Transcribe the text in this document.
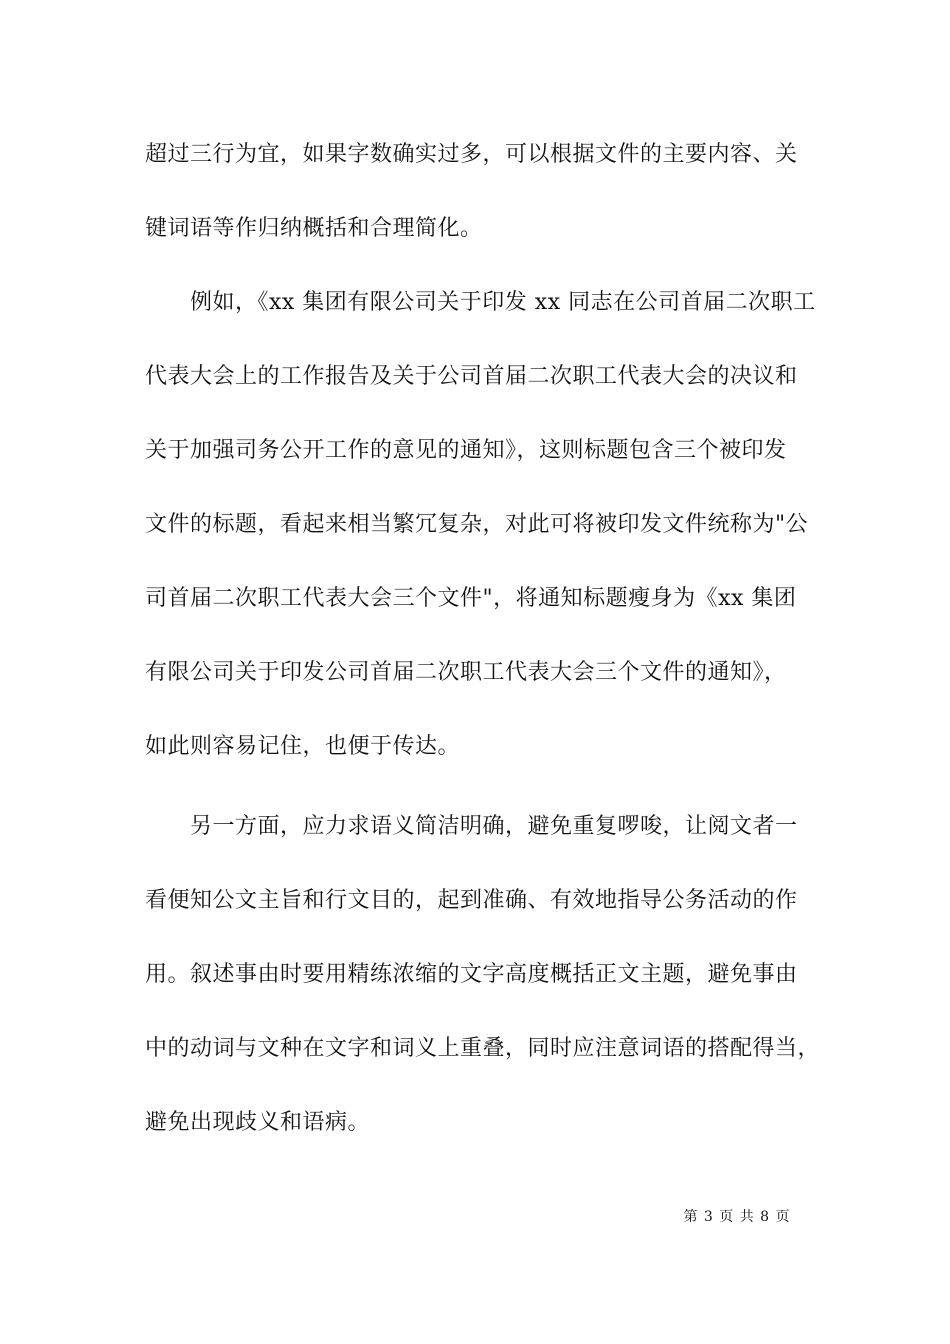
超过三行为宜，如果字数确实过多，可以根据文件的主要内容、关
键词语等作归纳概括和合理简化。
例如，《xx 集团有限公司关于印发 xx 同志在公司首届二次职工
代表大会上的工作报告及关于公司首届二次职工代表大会的决议和
关于加强司务公开工作的意见的通知》，这则标题包含三个被印发
文件的标题，看起来相当繁冗复杂，对此可将被印发文件统称为"公
司首届二次职工代表大会三个文件"，将通知标题瘦身为《xx 集团
有限公司关于印发公司首届二次职工代表大会三个文件的通知》，
如此则容易记住，也便于传达。
另一方面，应力求语义简洁明确，避免重复啰唆，让阅文者一
看便知公文主旨和行文目的，起到准确、有效地指导公务活动的作
用。叙述事由时要用精练浓缩的文字高度概括正文主题，避免事由
中的动词与文种在文字和词义上重叠，同时应注意词语的搭配得当，
避免出现歧义和语病。
第 3 页 共 8 页
